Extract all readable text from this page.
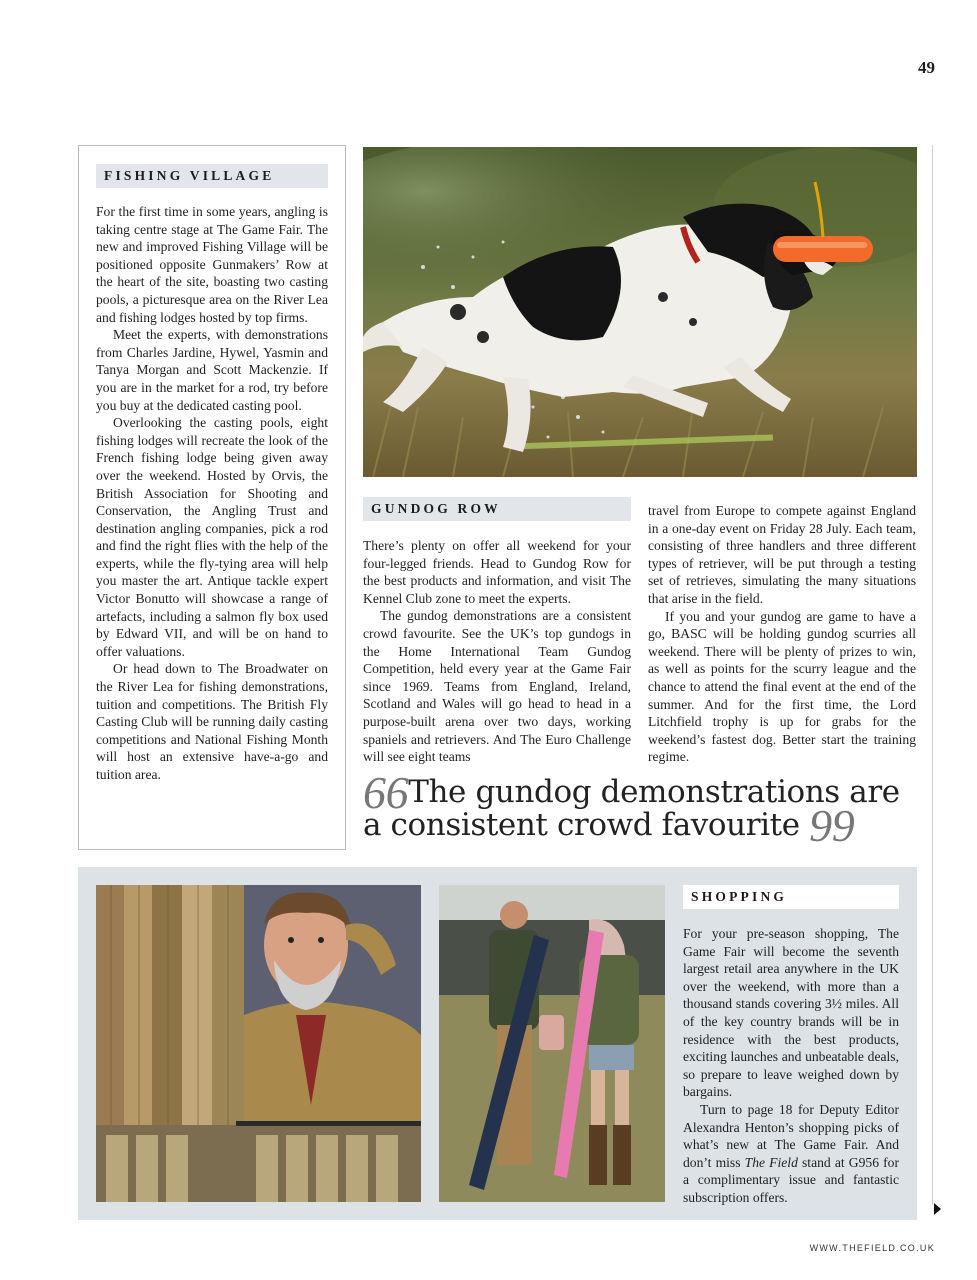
49
FISHING VILLAGE

For the first time in some years, angling is taking centre stage at The Game Fair. The new and improved Fishing Village will be positioned opposite Gunmakers’ Row at the heart of the site, boasting two casting pools, a picturesque area on the River Lea and fishing lodges hosted by top firms.

Meet the experts, with demonstrations from Charles Jardine, Hywel, Yasmin and Tanya Morgan and Scott Mackenzie. If you are in the market for a rod, try before you buy at the dedicated casting pool.

Overlooking the casting pools, eight fishing lodges will recreate the look of the French fishing lodge being given away over the weekend. Hosted by Orvis, the British Association for Shooting and Conservation, the Angling Trust and destination angling companies, pick a rod and find the right flies with the help of the experts, while the fly-tying area will help you master the art. Antique tackle expert Victor Bonutto will showcase a range of artefacts, including a salmon fly box used by Edward VII, and will be on hand to offer valuations.

Or head down to The Broadwater on the River Lea for fishing demonstrations, tuition and competitions. The British Fly Casting Club will be running daily casting competitions and National Fishing Month will host an extensive have-a-go and tuition area.

GUNDOG ROW

There’s plenty on offer all weekend for your four-legged friends. Head to Gundog Row for the best products and information, and visit The Kennel Club zone to meet the experts.

The gundog demonstrations are a consistent crowd favourite. See the UK’s top gundogs in the Home International Team Gundog Competition, held every year at the Game Fair since 1969. Teams from England, Ireland, Scotland and Wales will go head to head in a purpose-built arena over two days, working spaniels and retrievers. And The Euro Challenge will see eight teams

travel from Europe to compete against England in a one-day event on Friday 28 July. Each team, consisting of three handlers and three different types of retriever, will be put through a testing set of retrieves, simulating the many situations that arise in the field.

If you and your gundog are game to have a go, BASC will be holding gundog scurries all weekend. There will be plenty of prizes to win, as well as points for the scurry league and the chance to attend the final event at the end of the summer. And for the first time, the Lord Litchfield trophy is up for grabs for the weekend’s fastest dog. Better start the training regime.

66The gundog demonstrations are a consistent crowd favourite 99
SHOPPING

For your pre-season shopping, The Game Fair will become the seventh largest retail area anywhere in the UK over the weekend, with more than a thousand stands covering 3½ miles. All of the key country brands will be in residence with the best products, exciting launches and unbeatable deals, so prepare to leave weighed down by bargains.

Turn to page 18 for Deputy Editor Alexandra Henton’s shopping picks of what’s new at The Game Fair. And don’t miss The Field stand at G956 for a complimentary issue and fantastic subscription offers.

WWW.THEFIELD.CO.UK
